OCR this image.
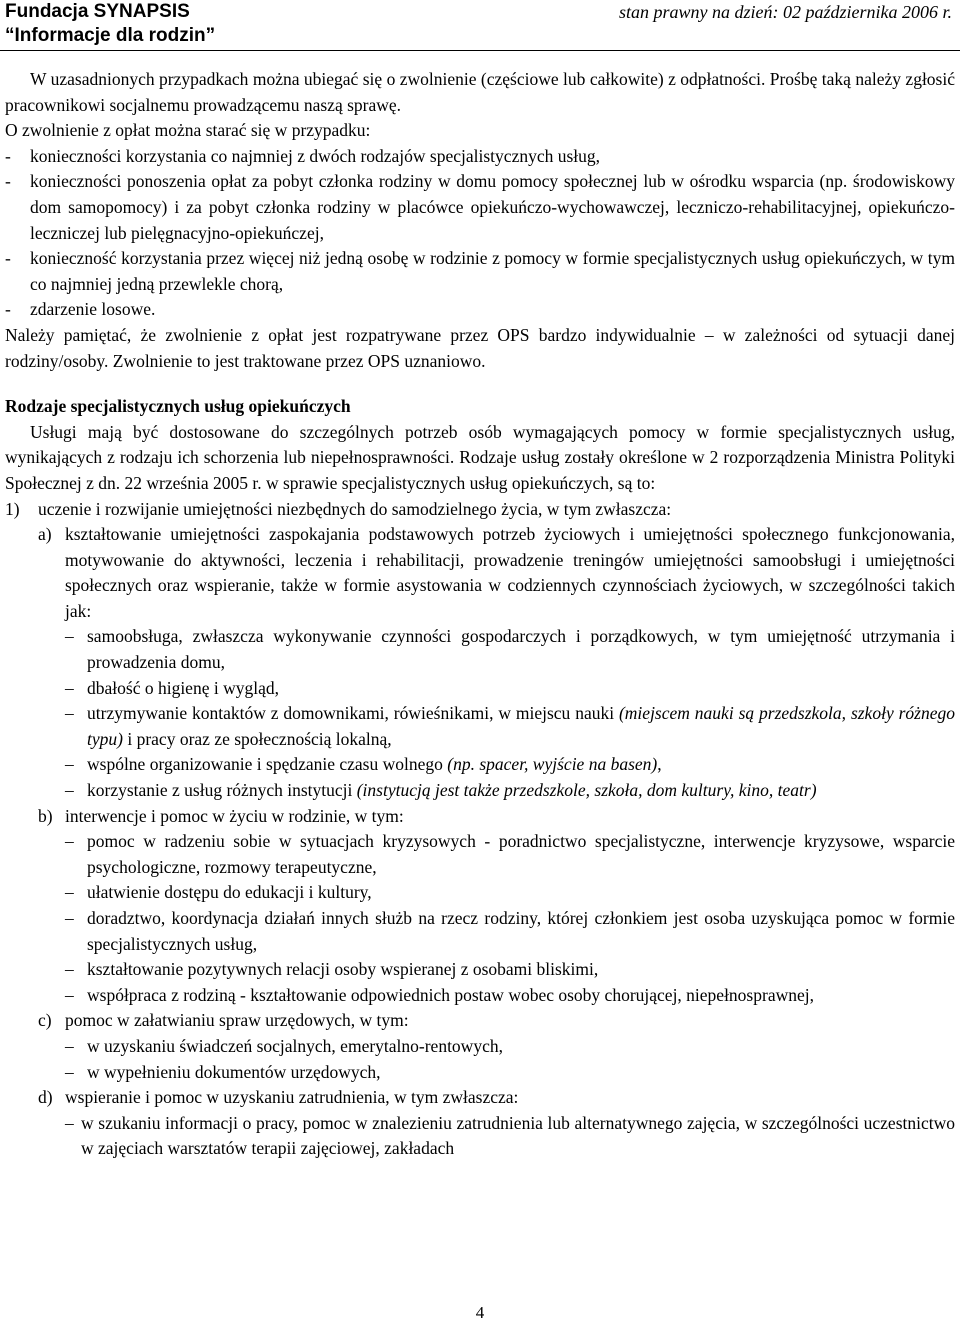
Fundacja SYNAPSIS
“Informacje dla rodzin”
stan prawny na dzień: 02 października 2006 r.

W uzasadnionych przypadkach można ubiegać się o zwolnienie (częściowe lub całkowite) z odpłatności. Prośbę taką należy zgłosić pracownikowi socjalnemu prowadzącemu naszą sprawę.

O zwolnienie z opłat można starać się w przypadku:

-	konieczności korzystania co najmniej z dwóch rodzajów specjalistycznych usług,
-	konieczności ponoszenia opłat za pobyt członka rodziny w domu pomocy społecznej lub w ośrodku wsparcia (np. środowiskowy dom samopomocy) i za pobyt członka rodziny w placówce opiekuńczo-wychowawczej, leczniczo-rehabilitacyjnej, opiekuńczo-leczniczej lub pielęgnacyjno-opiekuńczej,
-	konieczność korzystania przez więcej niż jedną osobę w rodzinie z pomocy w formie specjalistycznych usług opiekuńczych, w tym co najmniej jedną przewlekle chorą,
-	zdarzenie losowe.

Należy pamiętać, że zwolnienie z opłat jest rozpatrywane przez OPS bardzo indywidualnie – w zależności od sytuacji danej rodziny/osoby. Zwolnienie to jest traktowane przez OPS uznaniowo.

Rodzaje specjalistycznych usług opiekuńczych

Usługi mają być dostosowane do szczególnych potrzeb osób wymagających pomocy w formie specjalistycznych usług, wynikających z rodzaju ich schorzenia lub niepełnosprawności. Rodzaje usług zostały określone w 2 rozporządzenia Ministra Polityki Społecznej z dn. 22 września 2005 r. w sprawie specjalistycznych usług opiekuńczych, są to:

1)	uczenie i rozwijanie umiejętności niezbędnych do samodzielnego życia, w tym zwłaszcza:
a) kształtowanie umiejętności zaspokajania podstawowych potrzeb życiowych i umiejętności społecznego funkcjonowania, motywowanie do aktywności, leczenia i rehabilitacji, prowadzenie treningów umiejętności samoobsługi i umiejętności społecznych oraz wspieranie, także w formie asystowania w codziennych czynnościach życiowych, w szczególności takich jak:
– samoobsługa, zwłaszcza wykonywanie czynności gospodarczych i porządkowych, w tym umiejętność utrzymania i prowadzenia domu,
– dbałość o higienę i wygląd,
– utrzymywanie kontaktów z domownikami, rówieśnikami, w miejscu nauki (miejscem nauki są przedszkola, szkoły różnego typu) i pracy oraz ze społecznością lokalną,
– wspólne organizowanie i spędzanie czasu wolnego (np. spacer, wyjście na basen),
– korzystanie z usług różnych instytucji (instytucją jest także przedszkole, szkoła, dom kultury, kino, teatr)
b) interwencje i pomoc w życiu w rodzinie, w tym:
– pomoc w radzeniu sobie w sytuacjach kryzysowych - poradnictwo specjalistyczne, interwencje kryzysowe, wsparcie psychologiczne, rozmowy terapeutyczne,
– ułatwienie dostępu do edukacji i kultury,
– doradztwo, koordynacja działań innych służb na rzecz rodziny, której członkiem jest osoba uzyskująca pomoc w formie specjalistycznych usług,
– kształtowanie pozytywnych relacji osoby wspieranej z osobami bliskimi,
– współpraca z rodziną - kształtowanie odpowiednich postaw wobec osoby chorującej, niepełnosprawnej,
c) pomoc w załatwianiu spraw urzędowych, w tym:
– w uzyskaniu świadczeń socjalnych, emerytalno-rentowych,
– w wypełnieniu dokumentów urzędowych,
d) wspieranie i pomoc w uzyskaniu zatrudnienia, w tym zwłaszcza:
– w szukaniu informacji o pracy, pomoc w znalezieniu zatrudnienia lub alternatywnego zajęcia, w szczególności uczestnictwo w zajęciach warsztatów terapii zajęciowej, zakładach
4
